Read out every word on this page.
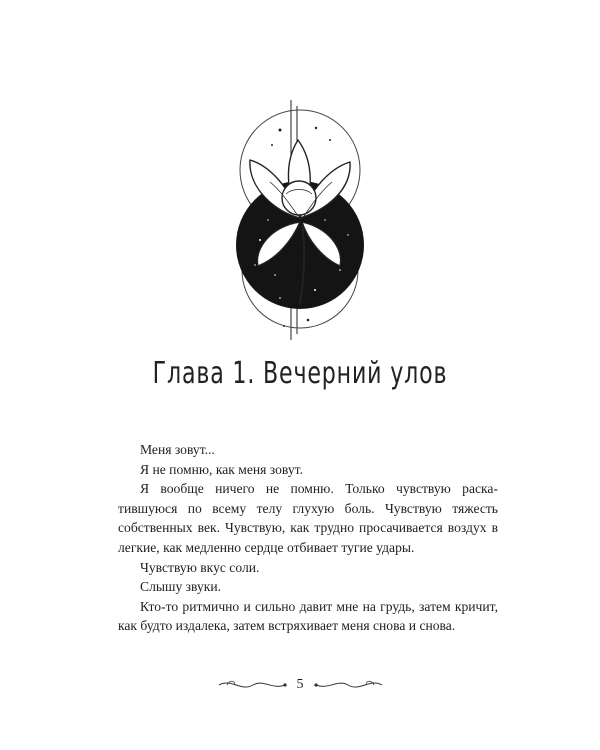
Глава 1. Вечерний улов

Меня зовут...

Я не помню, как меня зовут.

Я вообще ничего не помню. Только чувствую раска-тившуюся по всему телу глухую боль. Чувствую тяжесть собственных век. Чувствую, как трудно просачивается воздух в легкие, как медленно сердце отбивает тугие удары.

Чувствую вкус соли.

Слышу звуки.

Кто-то ритмично и сильно давит мне на грудь, затем кричит, как будто издалека, затем встряхивает меня снова и снова.

5
